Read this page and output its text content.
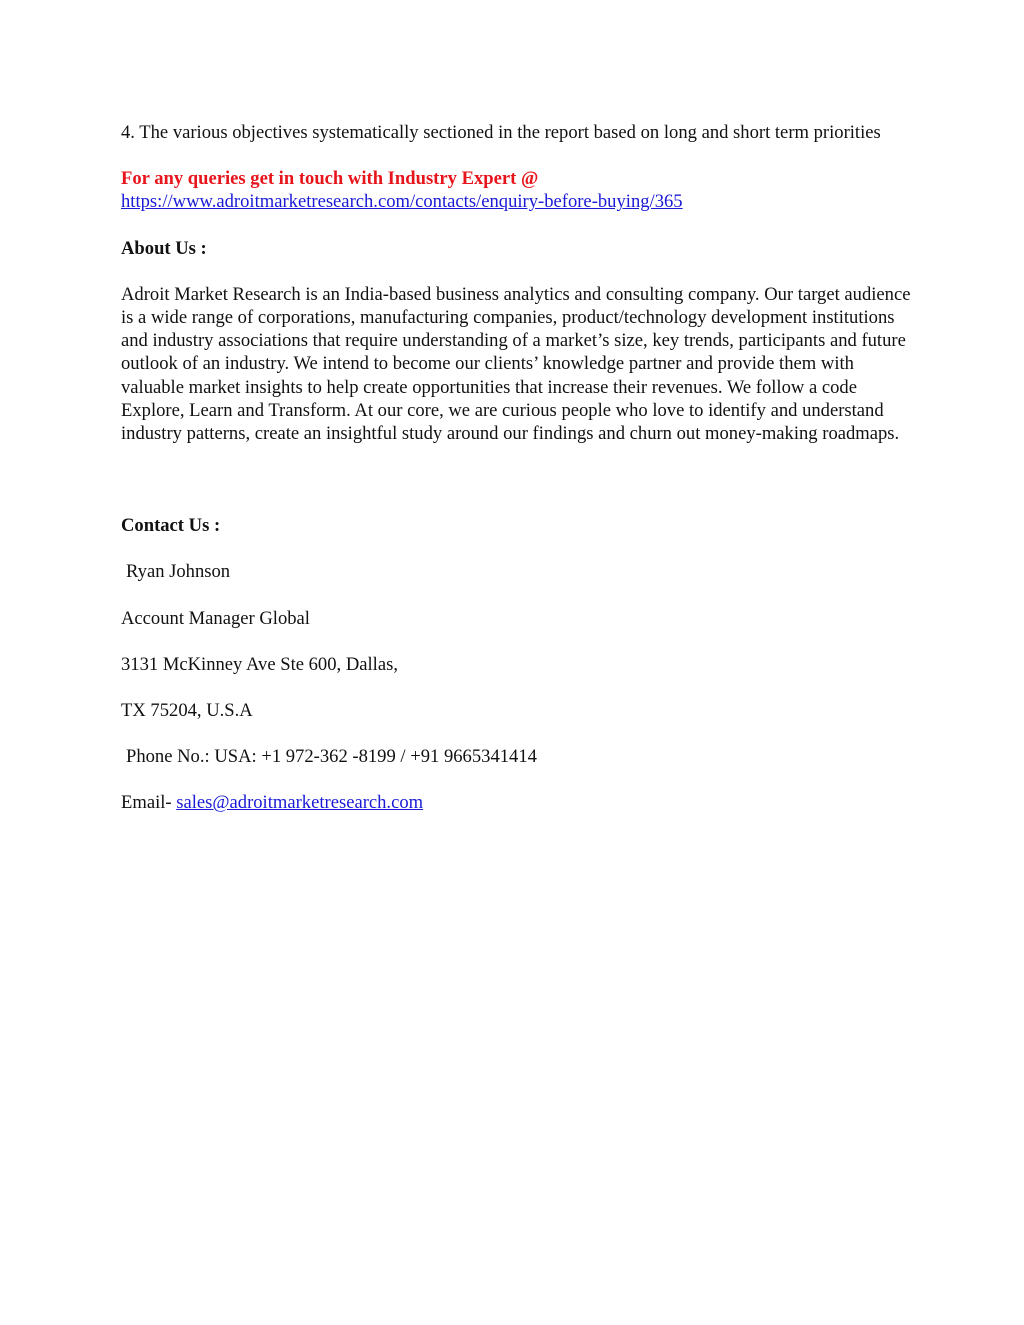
4. The various objectives systematically sectioned in the report based on long and short term priorities

For any queries get in touch with Industry Expert @
https://www.adroitmarketresearch.com/contacts/enquiry-before-buying/365

About Us :

Adroit Market Research is an India-based business analytics and consulting company. Our target audience is a wide range of corporations, manufacturing companies, product/technology development institutions and industry associations that require understanding of a market’s size, key trends, participants and future outlook of an industry. We intend to become our clients’ knowledge partner and provide them with valuable market insights to help create opportunities that increase their revenues. We follow a code Explore, Learn and Transform. At our core, we are curious people who love to identify and understand industry patterns, create an insightful study around our findings and churn out money-making roadmaps.

Contact Us :

Ryan Johnson

Account Manager Global

3131 McKinney Ave Ste 600, Dallas,

TX 75204, U.S.A

Phone No.: USA: +1 972-362 -8199 / +91 9665341414

Email- sales@adroitmarketresearch.com
